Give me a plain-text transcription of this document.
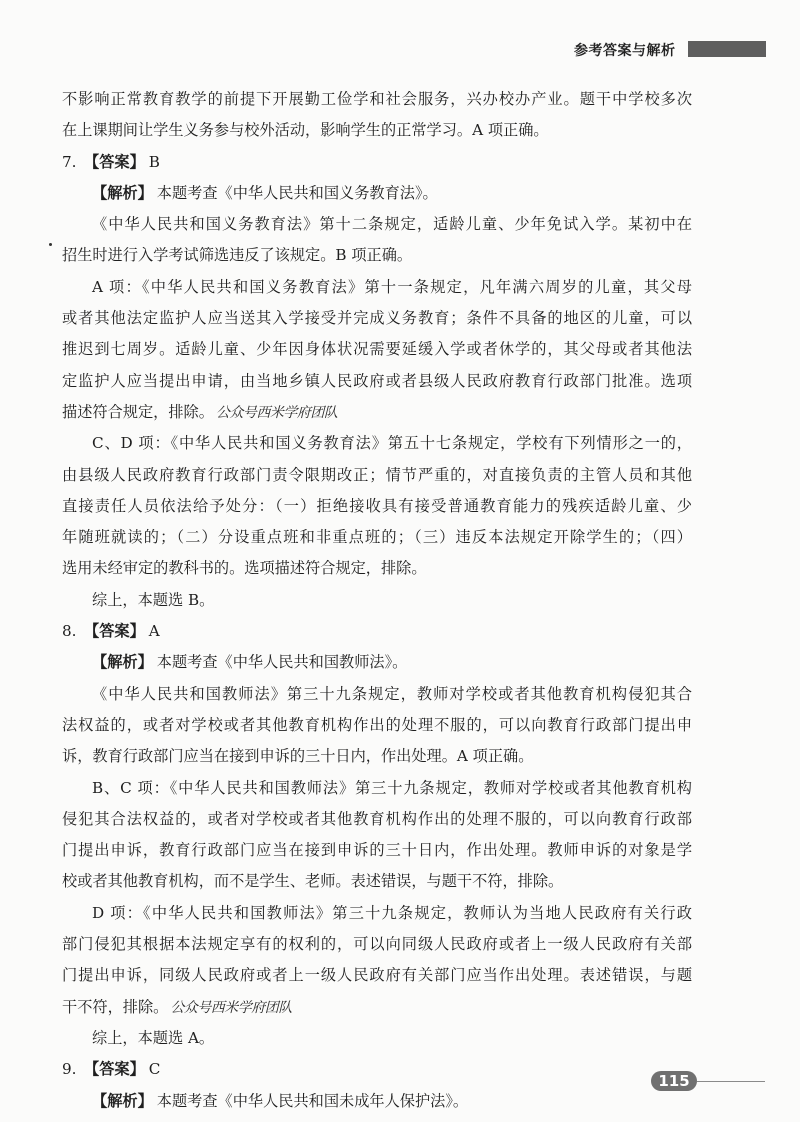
参考答案与解析
不影响正常教育教学的前提下开展勤工俭学和社会服务，兴办校办产业。题干中学校多次
在上课期间让学生义务参与校外活动，影响学生的正常学习。A 项正确。
7. 【答案】 B
【解析】 本题考查《中华人民共和国义务教育法》。
《中华人民共和国义务教育法》第十二条规定，适龄儿童、少年免试入学。某初中在
招生时进行入学考试筛选违反了该规定。B 项正确。
A 项：《中华人民共和国义务教育法》第十一条规定，凡年满六周岁的儿童，其父母
或者其他法定监护人应当送其入学接受并完成义务教育；条件不具备的地区的儿童，可以
推迟到七周岁。适龄儿童、少年因身体状况需要延缓入学或者休学的，其父母或者其他法
定监护人应当提出申请，由当地乡镇人民政府或者县级人民政府教育行政部门批准。选项
描述符合规定，排除。 公众号西米学府团队
C、D 项：《中华人民共和国义务教育法》第五十七条规定，学校有下列情形之一的，
由县级人民政府教育行政部门责令限期改正；情节严重的，对直接负责的主管人员和其他
直接责任人员依法给予处分：（一）拒绝接收具有接受普通教育能力的残疾适龄儿童、少
年随班就读的；（二）分设重点班和非重点班的；（三）违反本法规定开除学生的；（四）
选用未经审定的教科书的。选项描述符合规定，排除。
综上，本题选 B。
8. 【答案】 A
【解析】 本题考查《中华人民共和国教师法》。
《中华人民共和国教师法》第三十九条规定，教师对学校或者其他教育机构侵犯其合
法权益的，或者对学校或者其他教育机构作出的处理不服的，可以向教育行政部门提出申
诉，教育行政部门应当在接到申诉的三十日内，作出处理。A 项正确。
B、C 项：《中华人民共和国教师法》第三十九条规定，教师对学校或者其他教育机构
侵犯其合法权益的，或者对学校或者其他教育机构作出的处理不服的，可以向教育行政部
门提出申诉，教育行政部门应当在接到申诉的三十日内，作出处理。教师申诉的对象是学
校或者其他教育机构，而不是学生、老师。表述错误，与题干不符，排除。
D 项：《中华人民共和国教师法》第三十九条规定，教师认为当地人民政府有关行政
部门侵犯其根据本法规定享有的权利的，可以向同级人民政府或者上一级人民政府有关部
门提出申诉，同级人民政府或者上一级人民政府有关部门应当作出处理。表述错误，与题
干不符，排除。 公众号西米学府团队
综上，本题选 A。
9. 【答案】 C
【解析】 本题考查《中华人民共和国未成年人保护法》。
115
